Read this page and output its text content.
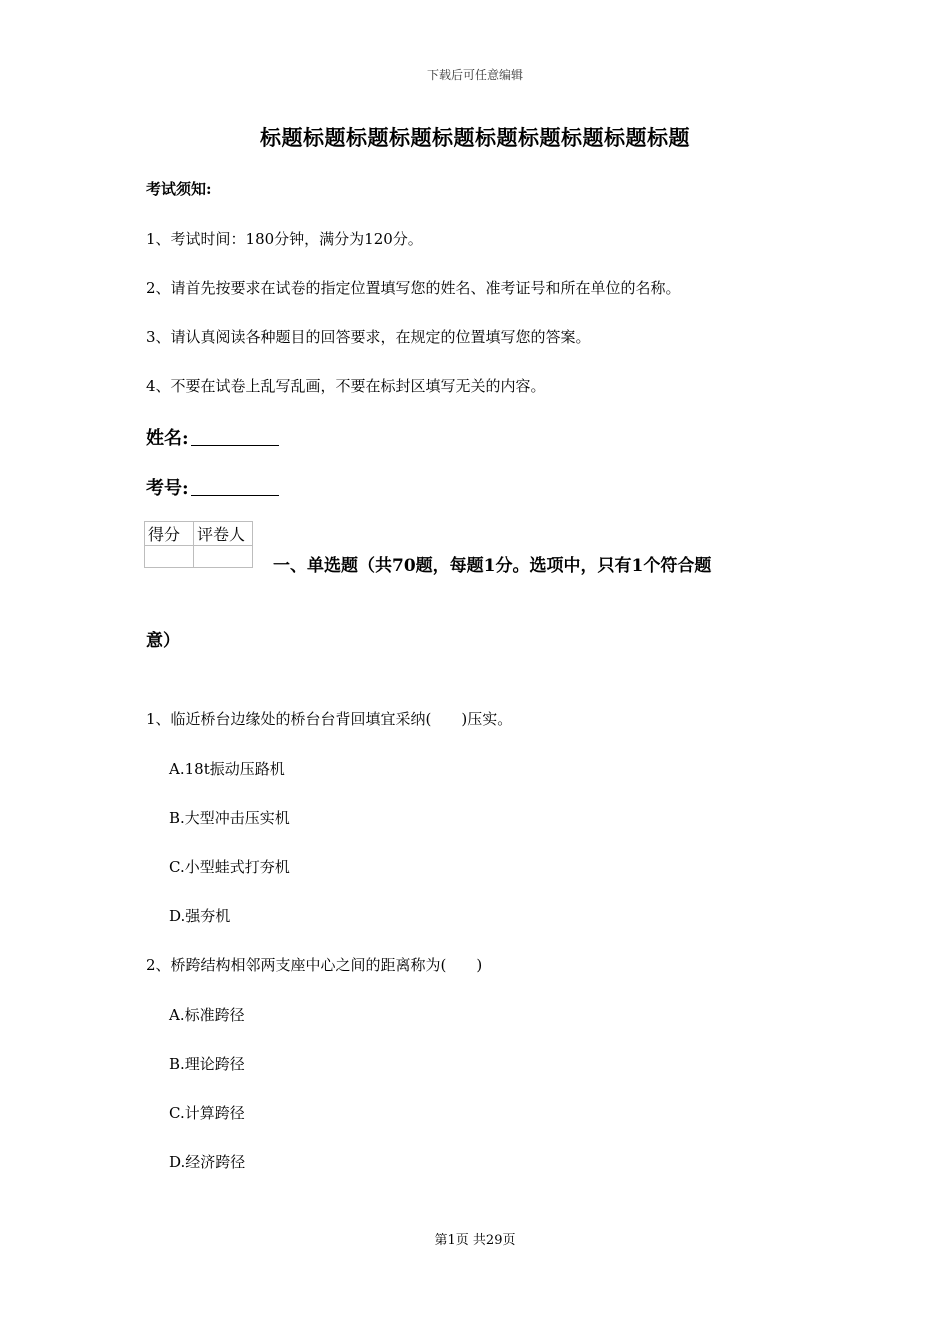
下载后可任意编辑
标题标题标题标题标题标题标题标题标题标题
考试须知:
1、考试时间：180分钟，满分为120分。
2、请首先按要求在试卷的指定位置填写您的姓名、准考证号和所在单位的名称。
3、请认真阅读各种题目的回答要求，在规定的位置填写您的答案。
4、不要在试卷上乱写乱画，不要在标封区填写无关的内容。
姓名:
考号:
得分	评卷人

一、单选题（共70题，每题1分。选项中，只有1个符合题
意）
1、临近桥台边缘处的桥台台背回填宜采纳(　　)压实。
A.18t振动压路机
B.大型冲击压实机
C.小型蛙式打夯机
D.强夯机
2、桥跨结构相邻两支座中心之间的距离称为(　　)
A.标准跨径
B.理论跨径
C.计算跨径
D.经济跨径
第1页 共29页
